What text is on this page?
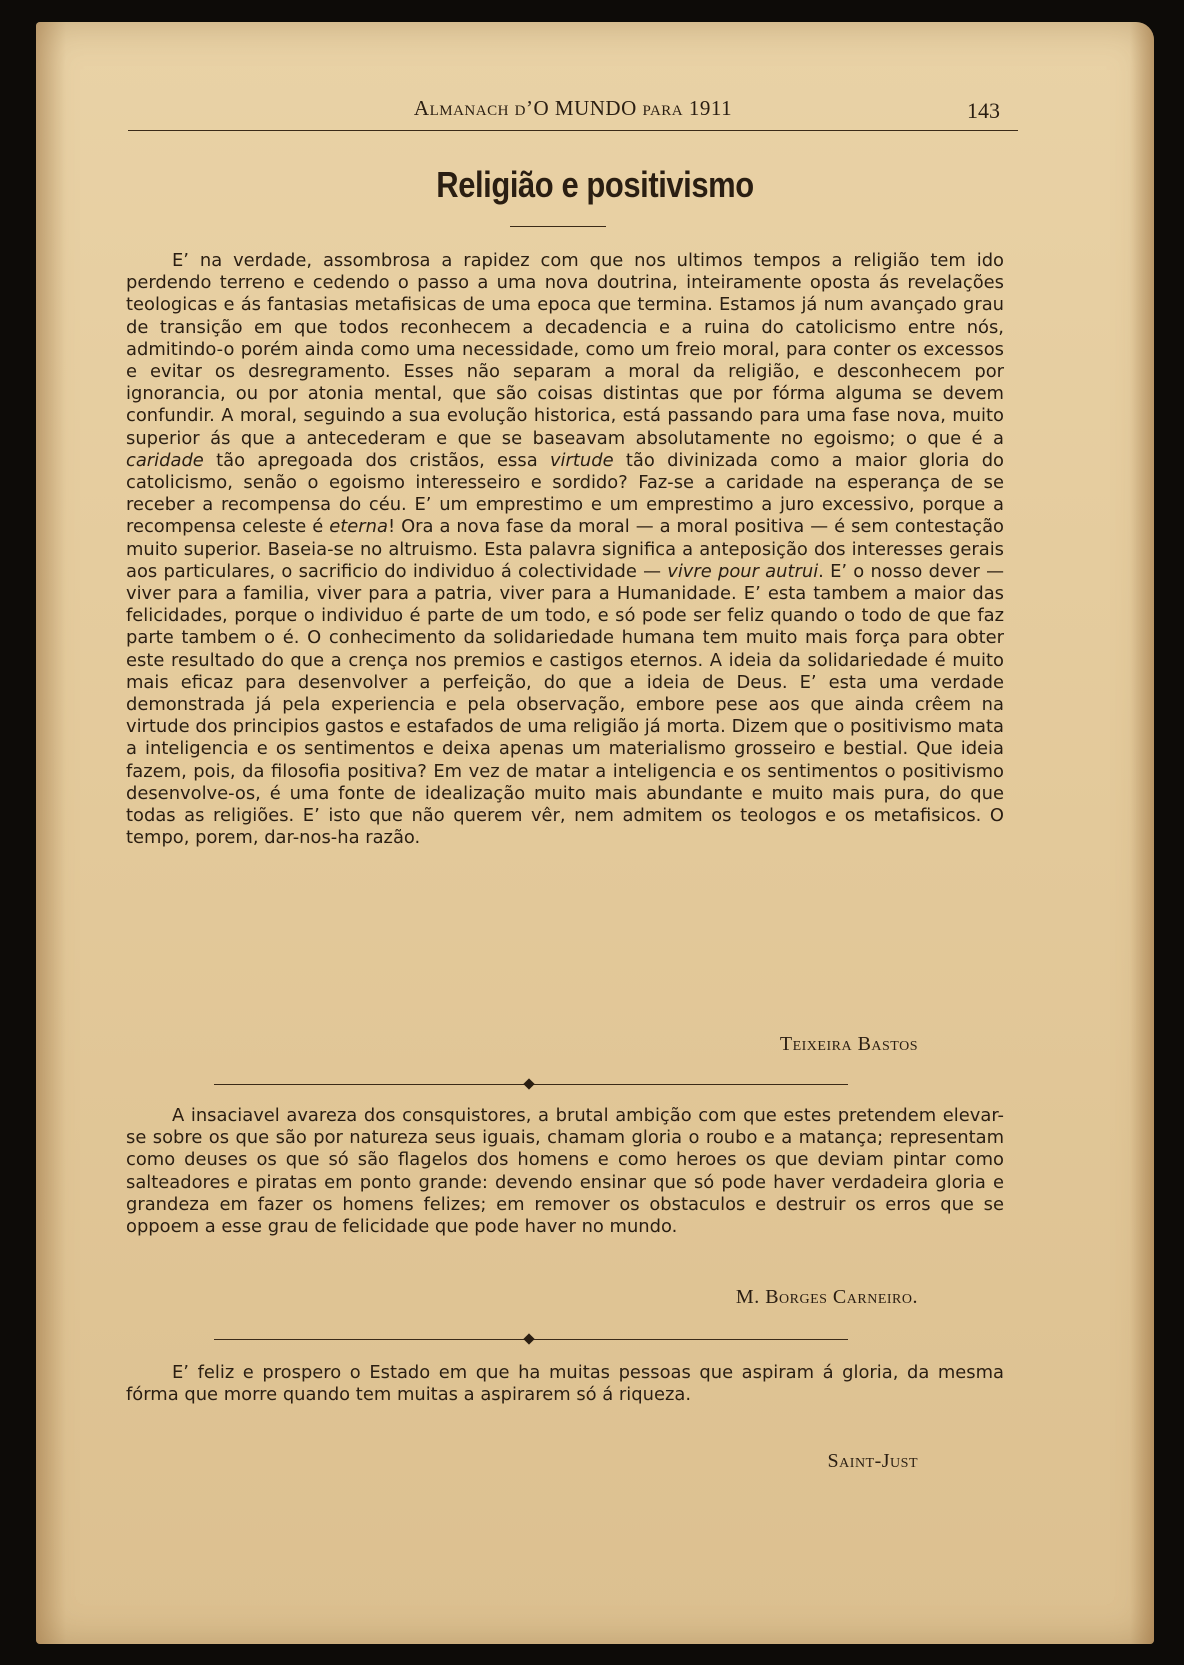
Almanach d’O MUNDO para 1911	143
Religião e positivismo

E’ na verdade, assombrosa a rapidez com que nos ultimos tempos a religião tem ido perdendo terreno e cedendo o passo a uma nova doutrina, inteiramente oposta ás revelações teologicas e ás fantasias metafisicas de uma epoca que termina. Estamos já num avançado grau de transição em que todos reconhecem a decadencia e a ruina do catolicismo entre nós, admitindo-o porém ainda como uma necessidade, como um freio moral, para conter os excessos e evitar os desregramento. Esses não separam a moral da religião, e desconhecem por ignorancia, ou por atonia mental, que são coisas distintas que por fórma alguma se devem confundir. A moral, seguindo a sua evolução historica, está passando para uma fase nova, muito superior ás que a antecederam e que se baseavam absolutamente no egoismo; o que é a caridade tão apregoada dos cristãos, essa virtude tão divinizada como a maior gloria do catolicismo, senão o egoismo interesseiro e sordido? Faz-se a caridade na esperança de se receber a recompensa do céu. E’ um emprestimo e um emprestimo a juro excessivo, porque a recompensa celeste é eterna! Ora a nova fase da moral — a moral positiva — é sem contestação muito superior. Baseia-se no altruismo. Esta palavra significa a anteposição dos interesses gerais aos particulares, o sacrificio do individuo á colectividade — vivre pour autrui. E’ o nosso dever — viver para a familia, viver para a patria, viver para a Humanidade. E’ esta tambem a maior das felicidades, porque o individuo é parte de um todo, e só pode ser feliz quando o todo de que faz parte tambem o é. O conhecimento da solidariedade humana tem muito mais força para obter este resultado do que a crença nos premios e castigos eternos. A ideia da solidariedade é muito mais eficaz para desenvolver a perfeição, do que a ideia de Deus. E’ esta uma verdade demonstrada já pela experiencia e pela observação, embore pese aos que ainda crêem na virtude dos principios gastos e estafados de uma religião já morta. Dizem que o positivismo mata a inteligencia e os sentimentos e deixa apenas um materialismo grosseiro e bestial. Que ideia fazem, pois, da filosofia positiva? Em vez de matar a inteligencia e os sentimentos o positivismo desenvolve-os, é uma fonte de idealização muito mais abundante e muito mais pura, do que todas as religiões. E’ isto que não querem vêr, nem admitem os teologos e os metafisicos. O tempo, porem, dar-nos-ha razão.

Teixeira Bastos

A insaciavel avareza dos consquistores, a brutal ambição com que estes pretendem elevar-se sobre os que são por natureza seus iguais, chamam gloria o roubo e a matança; representam como deuses os que só são flagelos dos homens e como heroes os que deviam pintar como salteadores e piratas em ponto grande: devendo ensinar que só pode haver verdadeira gloria e grandeza em fazer os homens felizes; em remover os obstaculos e destruir os erros que se oppoem a esse grau de felicidade que pode haver no mundo.

M. Borges Carneiro.

E’ feliz e prospero o Estado em que ha muitas pessoas que aspiram á gloria, da mesma fórma que morre quando tem muitas a aspirarem só á riqueza.

Saint-Just
